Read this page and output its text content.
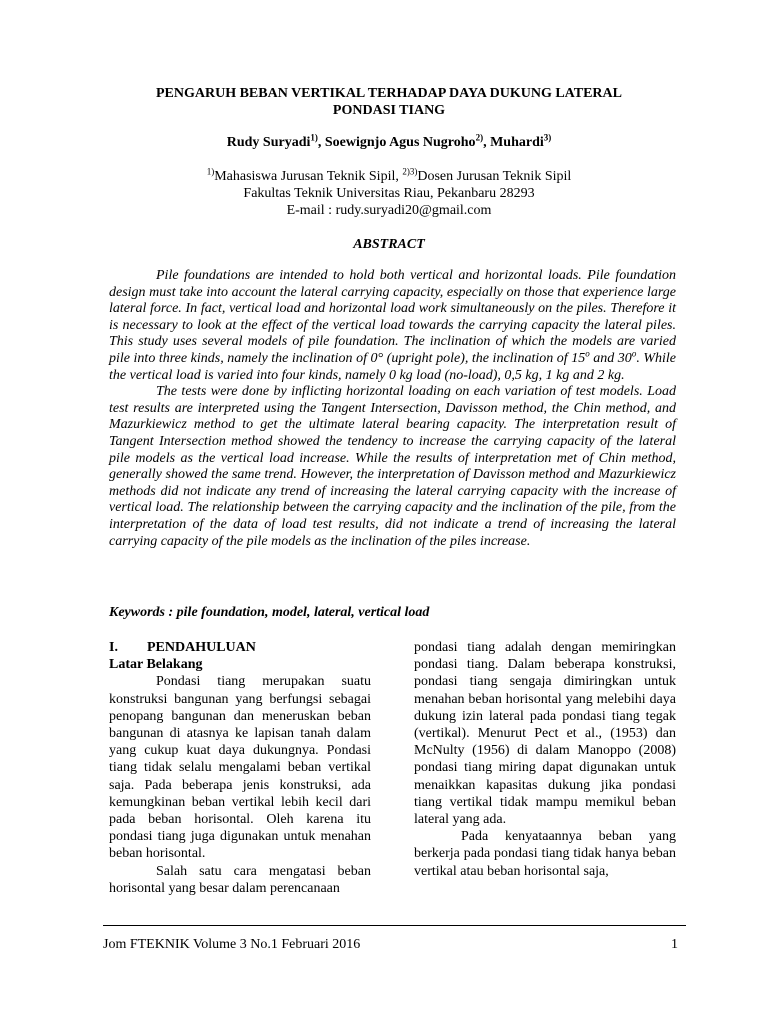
PENGARUH BEBAN VERTIKAL TERHADAP DAYA DUKUNG LATERAL
PONDASI TIANG
Rudy Suryadi$^{1)}$, Soewignjo Agus Nugroho$^{2)}$, Muhardi$^{3)}$
$^{1)}$Mahasiswa Jurusan Teknik Sipil, $^{2)3)}$Dosen Jurusan Teknik Sipil
Fakultas Teknik Universitas Riau, Pekanbaru 28293
E-mail : rudy.suryadi20@gmail.com
ABSTRACT

Pile foundations are intended to hold both vertical and horizontal loads. Pile foundation design must take into account the lateral carrying capacity, especially on those that experience large lateral force. In fact, vertical load and horizontal load work simultaneously on the piles. Therefore it is necessary to look at the effect of the vertical load towards the carrying capacity the lateral piles. This study uses several models of pile foundation. The inclination of which the models are varied pile into three kinds, namely the inclination of 0° (upright pole), the inclination of 15$^o$ and 30$^o$. While the vertical load is varied into four kinds, namely 0 kg load (no-load), 0,5 kg, 1 kg and 2 kg.

The tests were done by inflicting horizontal loading on each variation of test models. Load test results are interpreted using the Tangent Intersection, Davisson method, the Chin method, and Mazurkiewicz method to get the ultimate lateral bearing capacity. The interpretation result of Tangent Intersection method showed the tendency to increase the carrying capacity of the lateral pile models as the vertical load increase. While the results of interpretation met of Chin method, generally showed the same trend. However, the interpretation of Davisson method and Mazurkiewicz methods did not indicate any trend of increasing the lateral carrying capacity with the increase of vertical load. The relationship between the carrying capacity and the inclination of the pile, from the interpretation of the data of load test results, did not indicate a trend of increasing the lateral carrying capacity of the pile models as the inclination of the piles increase.

Keywords : pile foundation, model, lateral, vertical load

I. PENDAHULUAN

Latar Belakang

Pondasi tiang merupakan suatu konstruksi bangunan yang berfungsi sebagai penopang bangunan dan meneruskan beban bangunan di atasnya ke lapisan tanah dalam yang cukup kuat daya dukungnya. Pondasi tiang tidak selalu mengalami beban vertikal saja. Pada beberapa jenis konstruksi, ada kemungkinan beban vertikal lebih kecil dari pada beban horisontal. Oleh karena itu pondasi tiang juga digunakan untuk menahan beban horisontal.

Salah satu cara mengatasi beban horisontal yang besar dalam perencanaan

pondasi tiang adalah dengan memiringkan pondasi tiang. Dalam beberapa konstruksi, pondasi tiang sengaja dimiringkan untuk menahan beban horisontal yang melebihi daya dukung izin lateral pada pondasi tiang tegak (vertikal). Menurut Pect et al., (1953) dan McNulty (1956) di dalam Manoppo (2008) pondasi tiang miring dapat digunakan untuk menaikkan kapasitas dukung jika pondasi tiang vertikal tidak mampu memikul beban lateral yang ada.

Pada kenyataannya beban yang berkerja pada pondasi tiang tidak hanya beban vertikal atau beban horisontal saja,

Jom FTEKNIK Volume 3 No.1 Februari 2016	1
